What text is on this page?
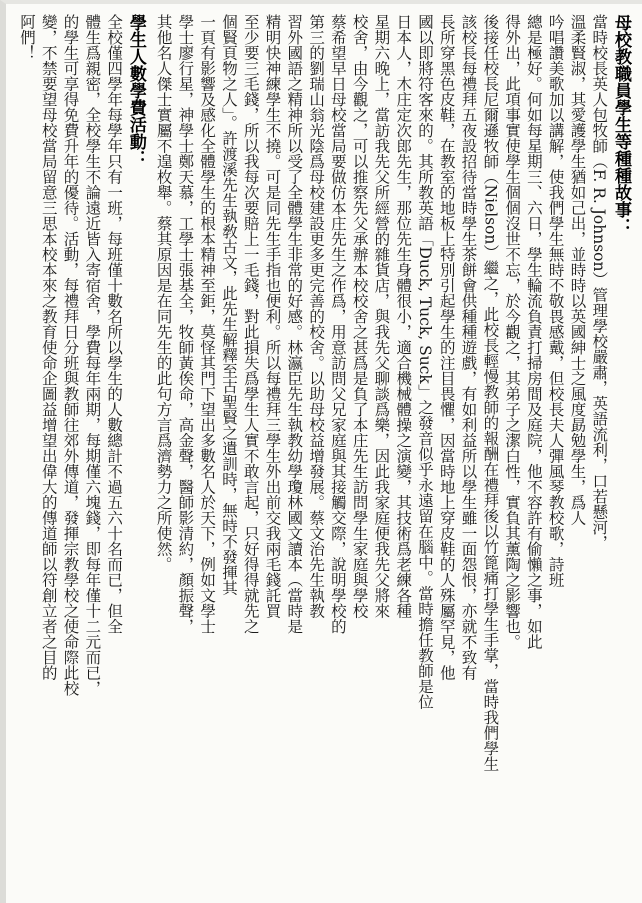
母校教職員學生等種種故事：
當時校長英人包牧師（F. R. Johnson）管理學校嚴肅，英語流利，口若懸河，
溫柔賢淑，其愛護學生猶如己出，並時時以英國紳士之風度勗勉學生，爲人
吟唱讚美歌加以講解，使我們學生無時不敬畏感戴，但校長夫人彈風琴教校歌，詩班
總是極好。何如每星期三、六日，學生輪流負責打掃房間及庭院，他不容許有偷懶之事，如此
得外出，此項事實使學生個個沒世不忘，於今觀之，其弟子之潔白性，實負其薰陶之影響也。
後接任校長尼爾遜牧師（Nielson）繼之，此校長輕慢教師的報酬在禮拜後以竹篦痛打學生手掌，當時我們學生
該校長每禮拜五夜設招待當時學生茶餅會供種種遊戲，有如利益所以學生雖一面怨恨，亦就不致有
長所穿黑色皮鞋，在教室的地板上特別引起學生的注目畏懼，因當時地上穿皮鞋的人殊屬罕見，他
國以即將符客來的。其所教英語「Duck, Tuck, Suck」之發音似乎永遠留在腦中。當時擔任教師是位
日本人，木庄定次郎先生，那位先生身體很小，適合機械體操之演變，其技術爲老練各種
星期六晚上，當訪我先父所經營的雜貨店，與我先父聊談爲樂，因此我家庭便我先父將來
校舍，由今觀之，可以推察先父承辦本校校舍之甚爲是負了本庄先生訪問學生家庭與學校
蔡希望早日母校當局要做仿本庄先生之作爲，用意訪問父兄家庭與其接觸交際，說明學校的
第三的劉瑞山翁光陰爲母校建設更多更完善的校舍。以助母校益增發展。蔡文治先生執教
習外國語之精神所以受了全體學生非常的好感。林瀛臣先生執教幼學瓊林國文讀本（當時是
精明快神練學生不撓。可是同先生手指也便利。所以每禮拜三學生外出前交我兩毛錢託買
至少要三毛錢，所以我每次要賠上一毛錢，對此損失爲學生人實不敢言起，只好得得就先之
個賢頁物之人」。許渡溪先生執敎古文，此先生解釋至古聖賢之遺訓時，無時不發揮其
一頁有影響及感化全體學生的根本精神至鉅，莫怪其門下望出多數名人於天下，例如文學士
學士廖行星，神學士鄭天慕，工學士張基全，牧師黃俟命，高金聲，醫師影清約，顏振聲，
其他名人傑士實屬不遑枚舉。蔡其原因是在同先生的此句方言爲濟勢力之所使然。
學生人數學費活動：
全校僅四學年每學年只有一班，每班僅十數名所以學生的人數總計不過五六十名而已，但全
體生爲親密，全校學生不論遠近皆入寄宿舍，學費每年兩期，每期僅六塊錢，即每年僅十二元而已，
的學生可享得免費升年的優待。活動，每禮拜日分班與教師往郊外傳道，發揮宗教學校之使命際此校
變，不禁要望母校當局留意三思本校本來之教育使命企圖益增望出偉大的傳道師以符創立者之目的
阿們！
